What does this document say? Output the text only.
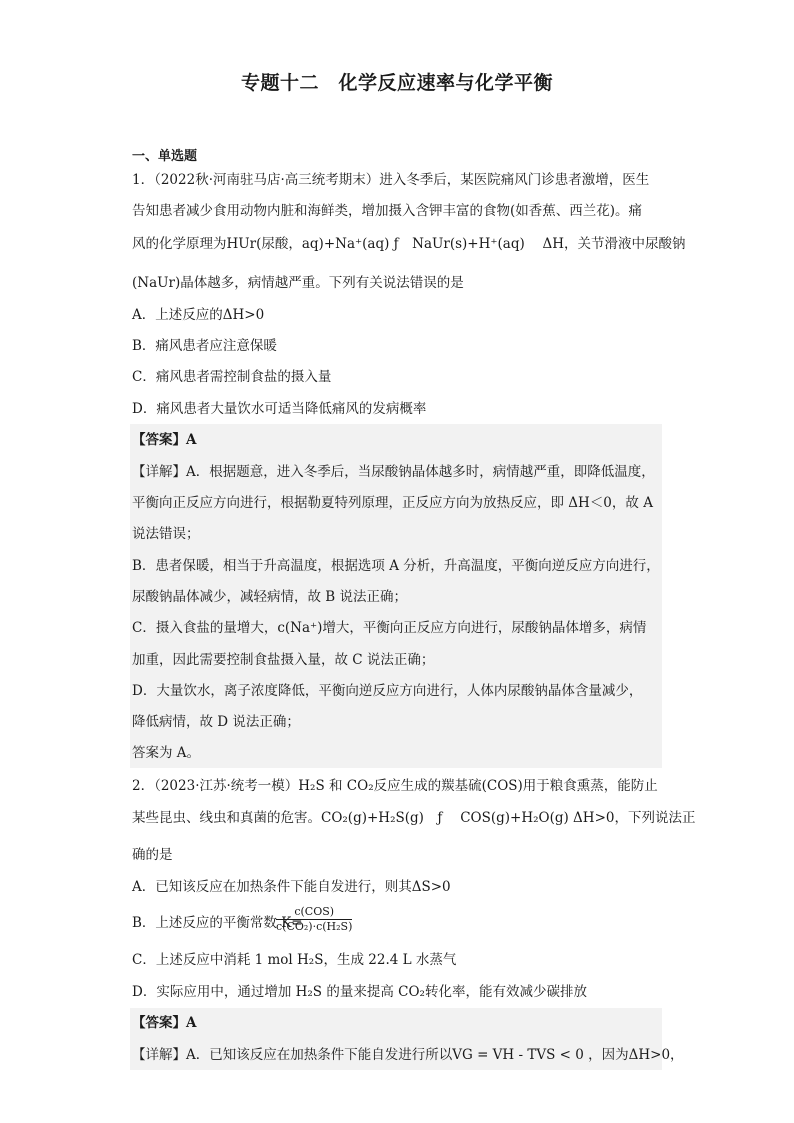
专题十二　化学反应速率与化学平衡
一、单选题
1．（2022秋·河南驻马店·高三统考期末）进入冬季后，某医院痛风门诊患者激增，医生
告知患者减少食用动物内脏和海鲜类，增加摄入含钾丰富的食物(如香蕉、西兰花)。痛
风的化学原理为HUr(尿酸，aq)+Na⁺(aq) ƒ　NaUr(s)+H⁺(aq)　 ΔH，关节滑液中尿酸钠
(NaUr)晶体越多，病情越严重。下列有关说法错误的是
A．上述反应的ΔH>0
B．痛风患者应注意保暖
C．痛风患者需控制食盐的摄入量
D．痛风患者大量饮水可适当降低痛风的发病概率
【答案】A
【详解】A．根据题意，进入冬季后，当尿酸钠晶体越多时，病情越严重，即降低温度，
平衡向正反应方向进行，根据勒夏特列原理，正反应方向为放热反应，即 ΔH＜0，故 A
说法错误；
B．患者保暖，相当于升高温度，根据选项 A 分析，升高温度，平衡向逆反应方向进行，
尿酸钠晶体减少，减轻病情，故 B 说法正确；
C．摄入食盐的量增大，c(Na⁺)增大，平衡向正反应方向进行，尿酸钠晶体增多，病情
加重，因此需要控制食盐摄入量，故 C 说法正确；
D．大量饮水，离子浓度降低，平衡向逆反应方向进行，人体内尿酸钠晶体含量减少，
降低病情，故 D 说法正确；
答案为 A。
2．（2023·江苏·统考一模）H₂S 和 CO₂反应生成的羰基硫(COS)用于粮食熏蒸，能防止
某些昆虫、线虫和真菌的危害。CO₂(g)+H₂S(g)　ƒ　 COS(g)+H₂O(g) ΔH>0，下列说法正
确的是
A．已知该反应在加热条件下能自发进行，则其ΔS>0
B．上述反应的平衡常数 K=
c(COS)
c(CO₂)·c(H₂S)
C．上述反应中消耗 1 mol H₂S，生成 22.4 L 水蒸气
D．实际应用中，通过增加 H₂S 的量来提高 CO₂转化率，能有效减少碳排放
【答案】A
【详解】A．已知该反应在加热条件下能自发进行所以VG = VH - TVS < 0 ，因为ΔH>0，
